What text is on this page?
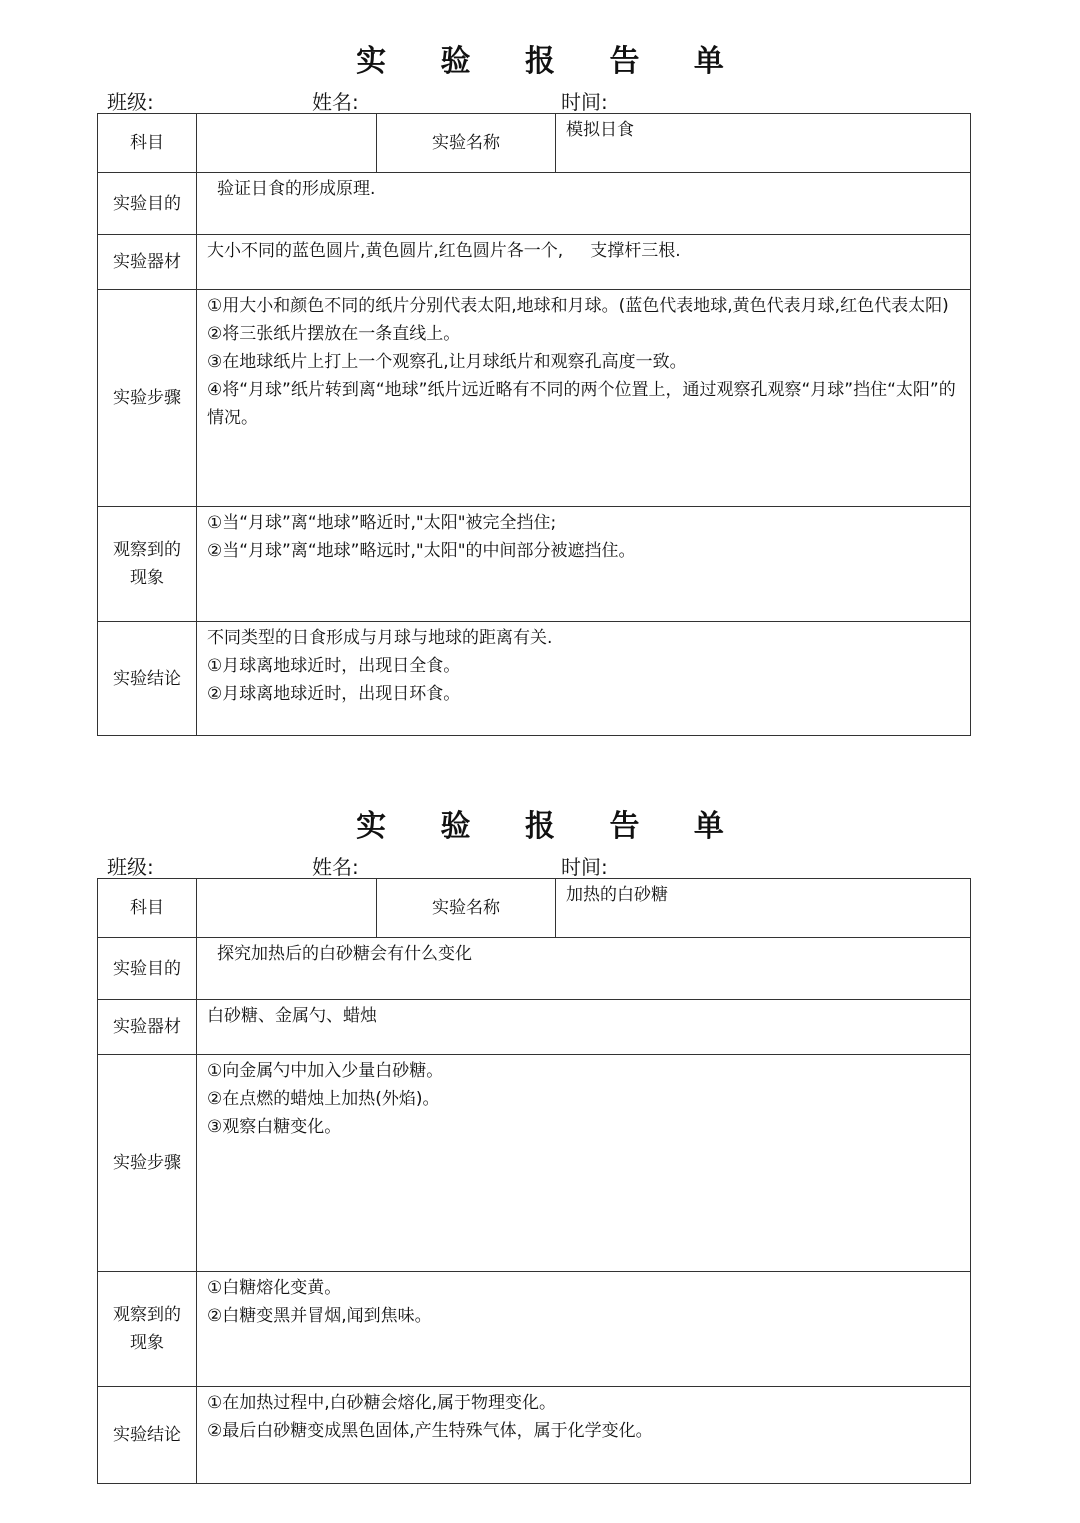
实 验 报 告 单
班级:	姓名:	时间:
科目		实验名称	模拟日食
实验目的	验证日食的形成原理.		
实验器材	大小不同的蓝色圆片,黄色圆片,红色圆片各一个,     支撑杆三根.		
实验步骤	①用大小和颜色不同的纸片分别代表太阳,地球和月球。(蓝色代表地球,黄色代表月球,红色代表太阳)
②将三张纸片摆放在一条直线上。
③在地球纸片上打上一个观察孔,让月球纸片和观察孔高度一致。
④将“月球”纸片转到离“地球”纸片远近略有不同的两个位置上，通过观察孔观察“月球”挡住“太阳”的情况。		

观察到的
现象	①当“月球”离“地球”略近时,"太阳"被完全挡住;
②当“月球”离“地球”略远时,"太阳"的中间部分被遮挡住。		

实验结论	不同类型的日食形成与月球与地球的距离有关.
①月球离地球近时，出现日全食。
②月球离地球近时，出现日环食。		
实 验 报 告 单
班级:	姓名:	时间:
科目		实验名称	加热的白砂糖
实验目的	探究加热后的白砂糖会有什么变化		
实验器材	白砂糖、金属勺、蜡烛		
实验步骤	①向金属勺中加入少量白砂糖。
②在点燃的蜡烛上加热(外焰)。
③观察白糖变化。		

观察到的
现象	①白糖熔化变黄。
②白糖变黑并冒烟,闻到焦味。		

实验结论	①在加热过程中,白砂糖会熔化,属于物理变化。
②最后白砂糖变成黑色固体,产生特殊气体，属于化学变化。		
